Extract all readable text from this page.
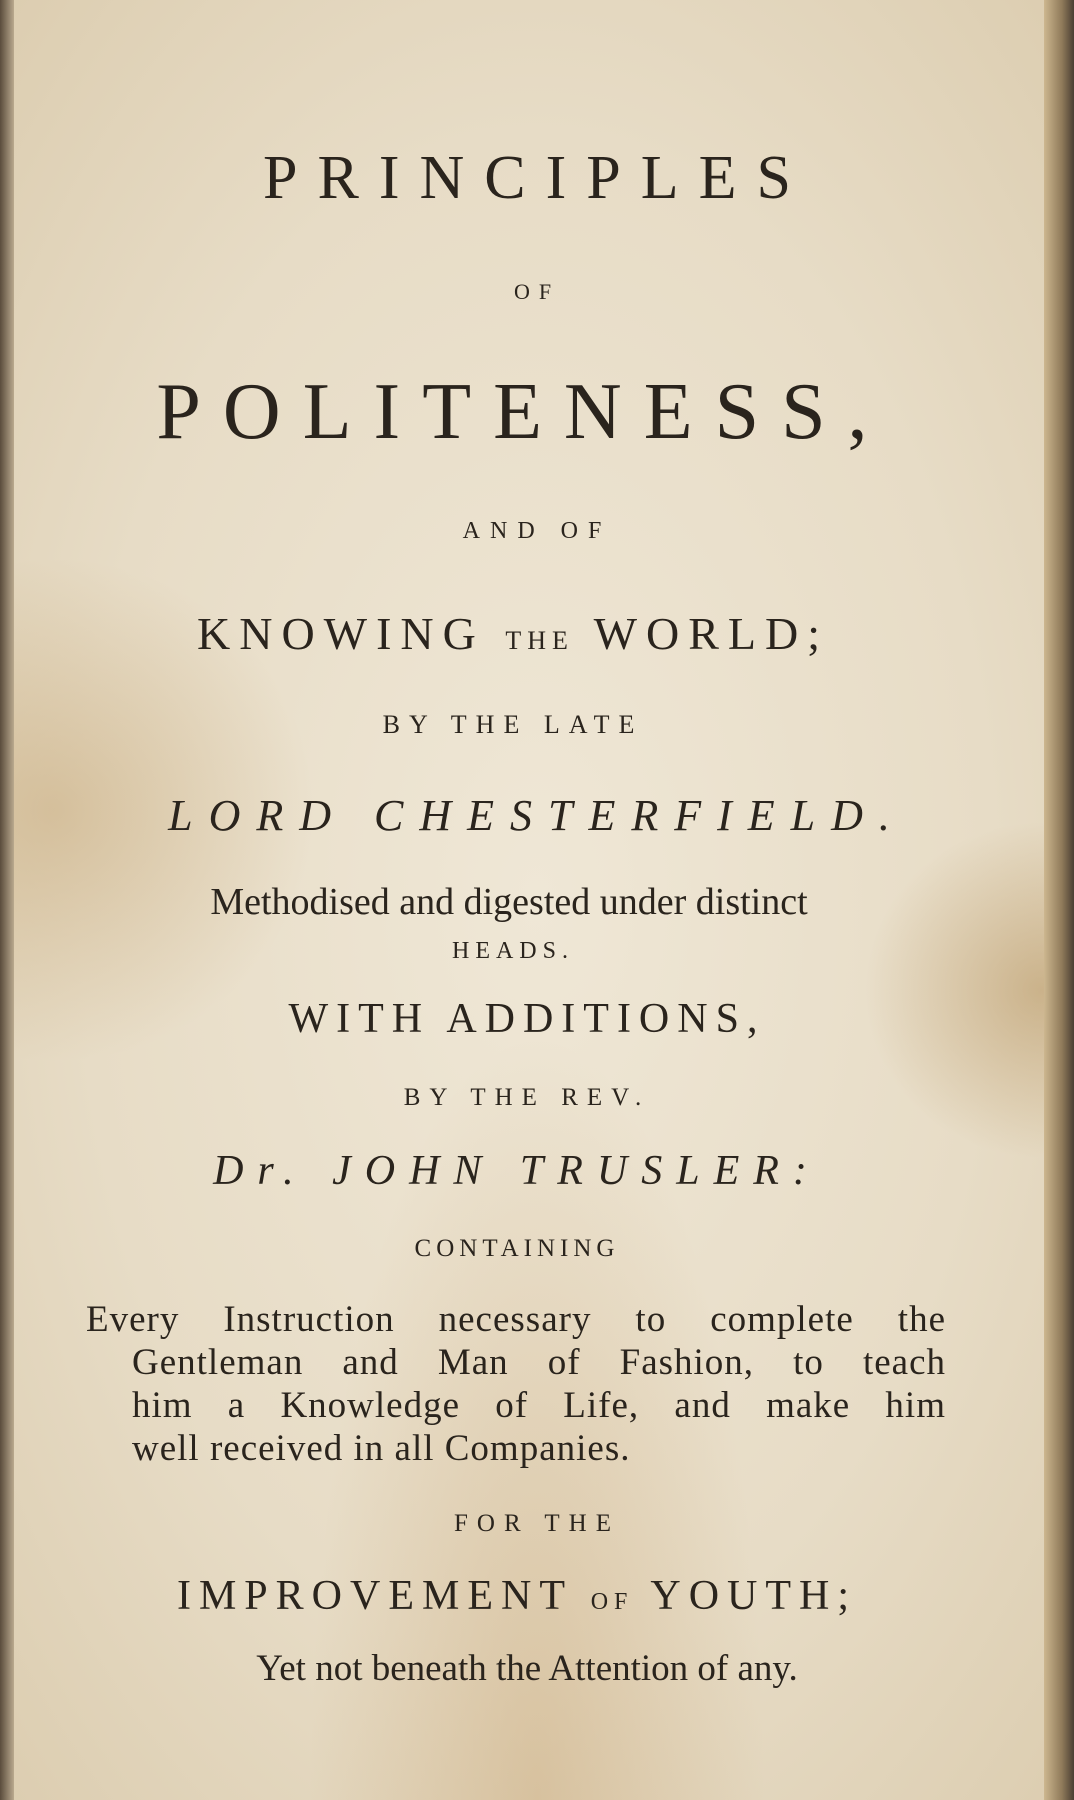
PRINCIPLES

OF

POLITENESS,

AND OF

KNOWING THE WORLD;

BY THE LATE

LORD CHESTERFIELD.

Methodised and digested under distinct

HEADS.

WITH ADDITIONS,

BY THE REV.

Dr. JOHN TRUSLER:

CONTAINING

Every Instruction necessary to complete the
Gentleman and Man of Fashion, to teach
him a Knowledge of Life, and make him
well received in all Companies.

FOR THE

IMPROVEMENT OF YOUTH;

Yet not beneath the Attention of any.
